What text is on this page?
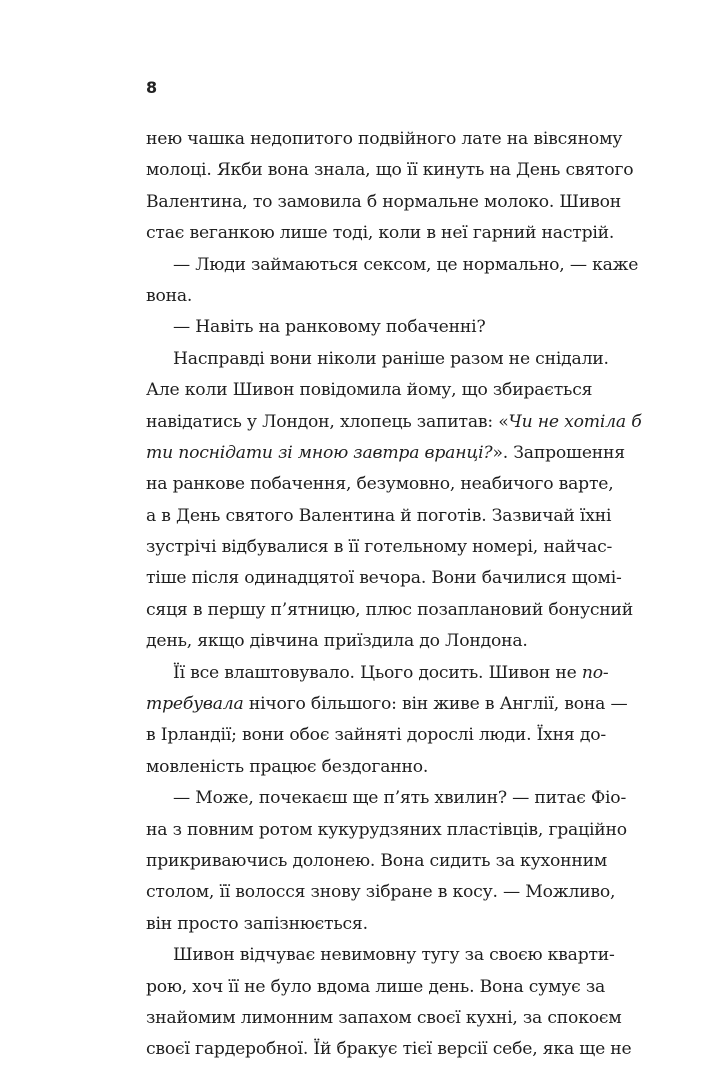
8
нею чашка недопитого подвійного лате на вівсяному
молоці. Якби вона знала, що її кинуть на День святого
Валентина, то замовила б нормальне молоко. Шивон
стає веганкою лише тоді, коли в неї гарний настрій.
— Люди займаються сексом, це нормально, — каже
вона.
— Навіть на ранковому побаченні?
Насправді вони ніколи раніше разом не снідали.
Але коли Шивон повідомила йому, що збирається
навідатись у Лондон, хлопець запитав: «Чи не хотіла б
ти поснідати зі мною завтра вранці?». Запрошення
на ранкове побачення, безумовно, неабичого варте,
а в День святого Валентина й поготів. Зазвичай їхні
зустрічі відбувалися в її готельному номері, найчас-
тіше після одинадцятої вечора. Вони бачилися щомі-
сяця в першу п’ятницю, плюс позаплановий бонусний
день, якщо дівчина приїздила до Лондона.
Її все влаштовувало. Цього досить. Шивон не по-
требувала нічого більшого: він живе в Англії, вона —
в Ірландії; вони обоє зайняті дорослі люди. Їхня до-
мовленість працює бездоганно.
— Може, почекаєш ще п’ять хвилин? — питає Фіо-
на з повним ротом кукурудзяних пластівців, граційно
прикриваючись долонею. Вона сидить за кухонним
столом, її волосся знову зібране в косу. — Можливо,
він просто запізнюється.
Шивон відчуває невимовну тугу за своєю кварти-
рою, хоч її не було вдома лише день. Вона сумує за
знайомим лимонним запахом своєї кухні, за спокоєм
своєї гардеробної. Їй бракує тієї версії себе, яка ще не
